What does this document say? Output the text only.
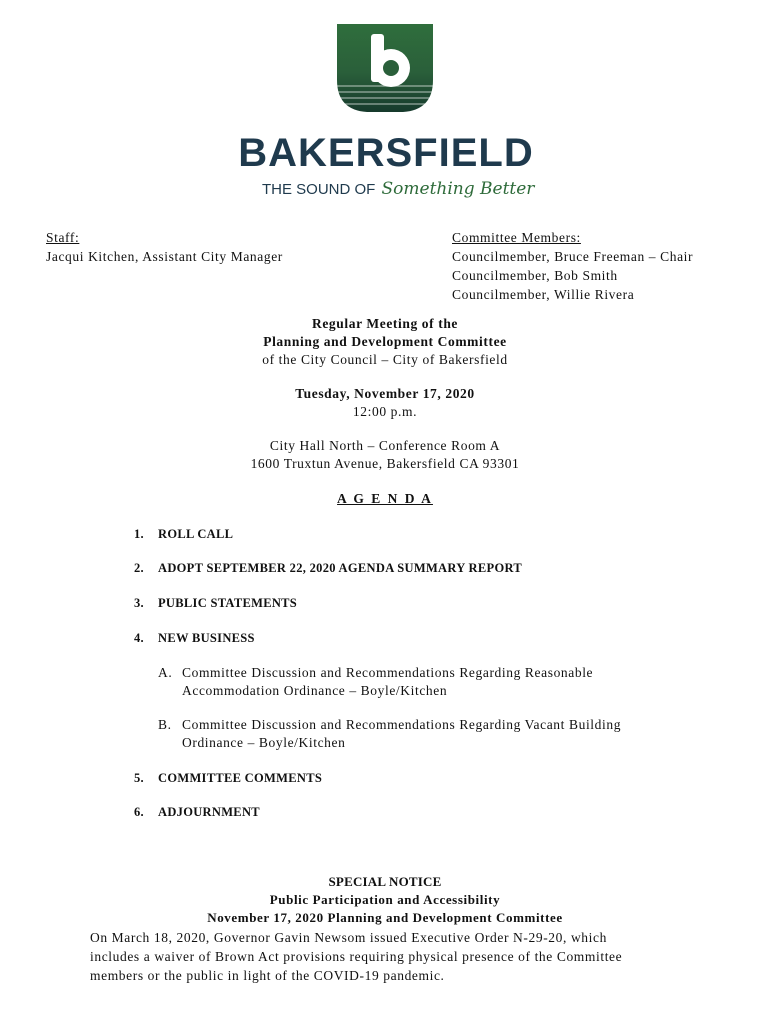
BAKERSFIELD
THE SOUND OF Something Better
Staff:
Jacqui Kitchen, Assistant City Manager
Committee Members:
Councilmember, Bruce Freeman – Chair
Councilmember, Bob Smith
Councilmember, Willie Rivera
Regular Meeting of the
Planning and Development Committee
of the City Council – City of Bakersfield
Tuesday, November 17, 2020
12:00 p.m.
City Hall North – Conference Room A
1600 Truxtun Avenue, Bakersfield CA 93301
A G E N D A
1. ROLL CALL
2. ADOPT SEPTEMBER 22, 2020 AGENDA SUMMARY REPORT
3. PUBLIC STATEMENTS
4. NEW BUSINESS
A. Committee Discussion and Recommendations Regarding Reasonable
Accommodation Ordinance – Boyle/Kitchen
B. Committee Discussion and Recommendations Regarding Vacant Building
Ordinance – Boyle/Kitchen
5. COMMITTEE COMMENTS
6. ADJOURNMENT
SPECIAL NOTICE
Public Participation and Accessibility
November 17, 2020 Planning and Development Committee
On March 18, 2020, Governor Gavin Newsom issued Executive Order N-29-20, which
includes a waiver of Brown Act provisions requiring physical presence of the Committee
members or the public in light of the COVID-19 pandemic.
